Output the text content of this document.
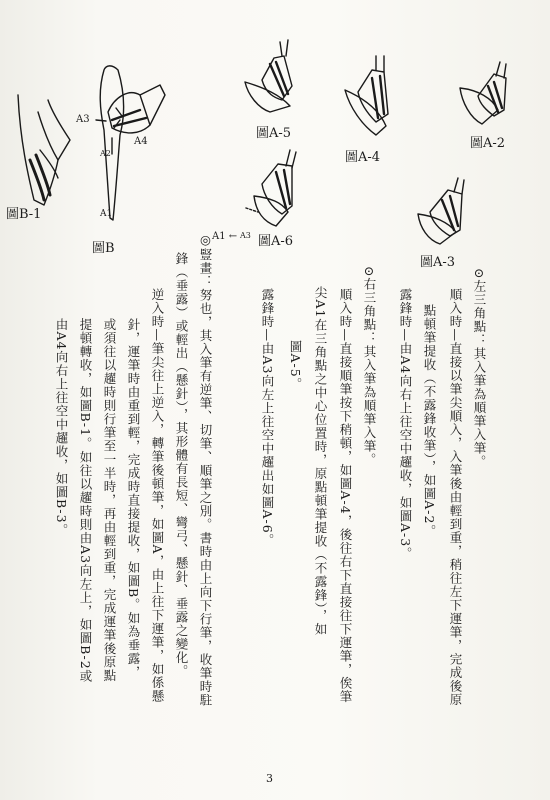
A3
A4
A2
A1
圖B-1
圖B
圖A-5
圖A-4
圖A-2
A1 ← A3 圖A-6
圖A-3
⊙左三角點：其入筆為順筆入筆。
順入時—直接以筆尖順入，入筆後由輕到重，稍往左下運筆，完成後原
點頓筆提收（不露鋒收筆），如圖A-2。
露鋒時—由A4向右上往空中趯收，如圖A-3。
⊙右三角點：其入筆為順筆入筆。
順入時—直接順筆按下稍頓，如圖A-4，後往右下直接往下運筆，俟筆
尖A1在三角點之中心位置時，原點頓筆提收（不露鋒），如
圖A-5。
露鋒時—由A3向左上往空中趯出如圖A-6。
◎豎畫：努也，其入筆有逆筆、切筆、順筆之別。書時由上向下行筆，收筆時駐
鋒（垂露）或輕出（懸針），其形體有長短、彎弓、懸針、垂露之變化。
逆入時—筆尖往上逆入，轉筆後頓筆，如圖A，由上往下運筆，如係懸
針，運筆時由重到輕，完成時直接提收，如圖B。如為垂露，
或須往以趯時則行筆至一半時，再由輕到重，完成運筆後原點
提頓轉收，如圖B-1。如往以趯時則由A3向左上，如圖B-2或
由A4向右上往空中趯收，如圖B-3。
3
